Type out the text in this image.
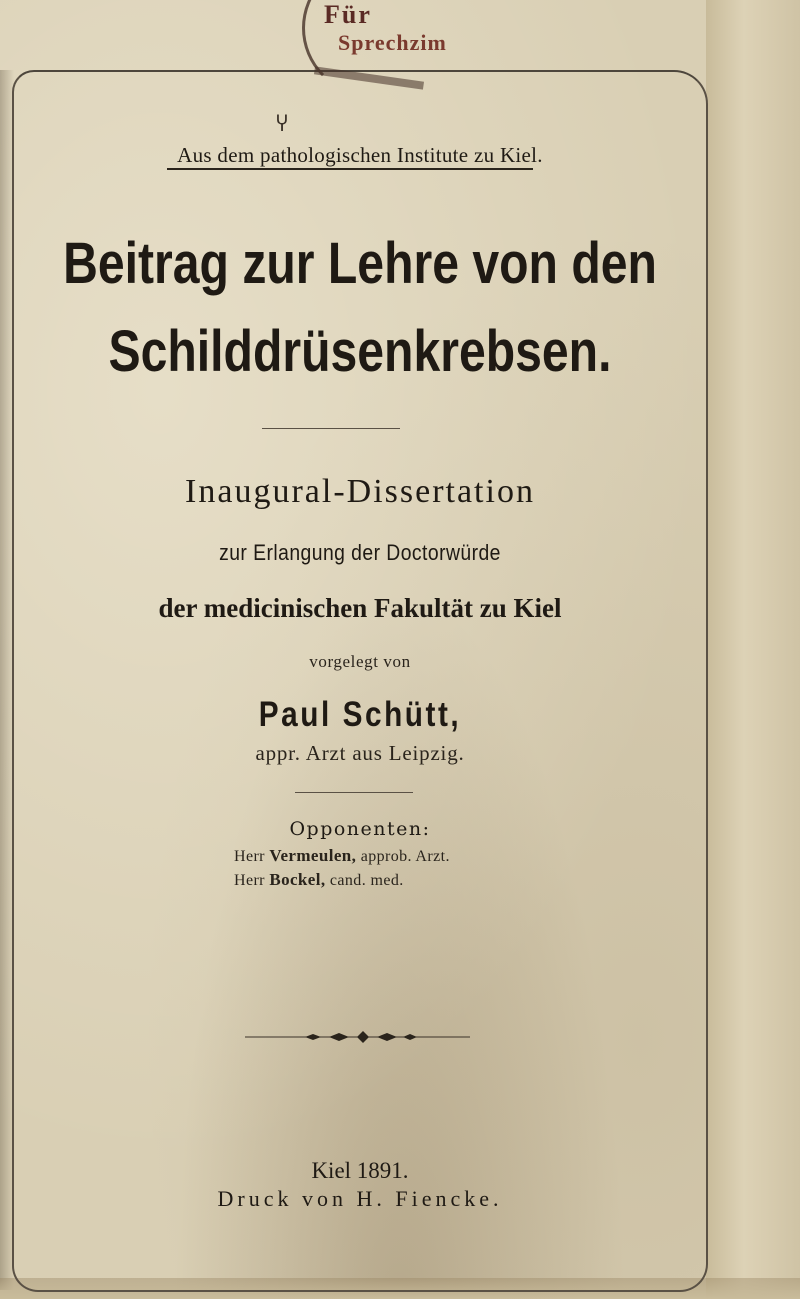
Für
Sprechzim
Ⴤ

Aus dem pathologischen Institute zu Kiel.

Beitrag zur Lehre von den
Schilddrüsenkrebsen.

Inaugural-Dissertation

zur Erlangung der Doctorwürde

der medicinischen Fakultät zu Kiel

vorgelegt von

Paul Schütt,

appr. Arzt aus Leipzig.

Opponenten:

Herr Vermeulen, approb. Arzt.
Herr Bockel, cand. med.

Kiel 1891.

Druck von H. Fiencke.
